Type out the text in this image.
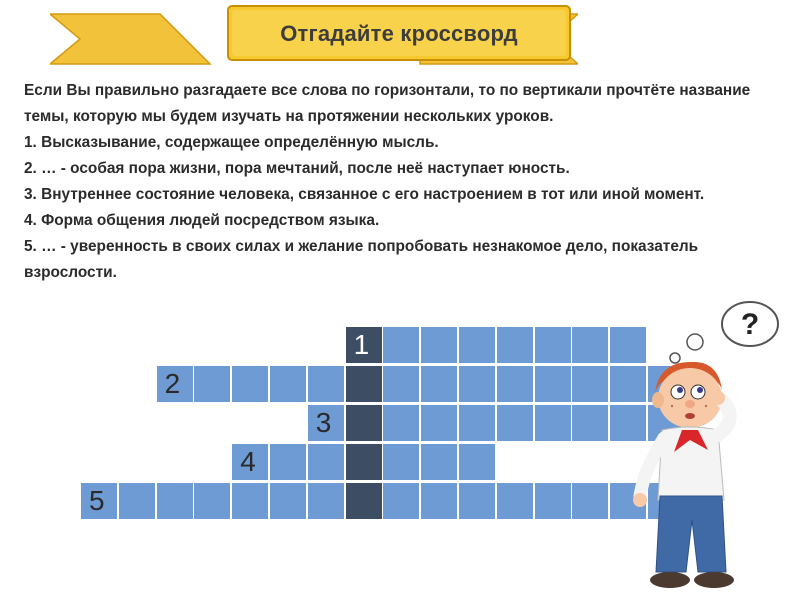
Отгадайте кроссворд

Если Вы правильно разгадаете все слова по горизонтали, то по вертикали прочтёте название темы, которую мы будем изучать на протяжении нескольких уроков.

1. Высказывание, содержащее определённую мысль.

2. … - особая пора жизни, пора мечтаний, после неё наступает юность.

3. Внутреннее состояние человека, связанное с его настроением в тот или иной момент.

4. Форма общения людей посредством языка.

5. … - уверенность в своих силах и желание попробовать незнакомое дело, показатель взрослости.

1
2
3
4
5
?
